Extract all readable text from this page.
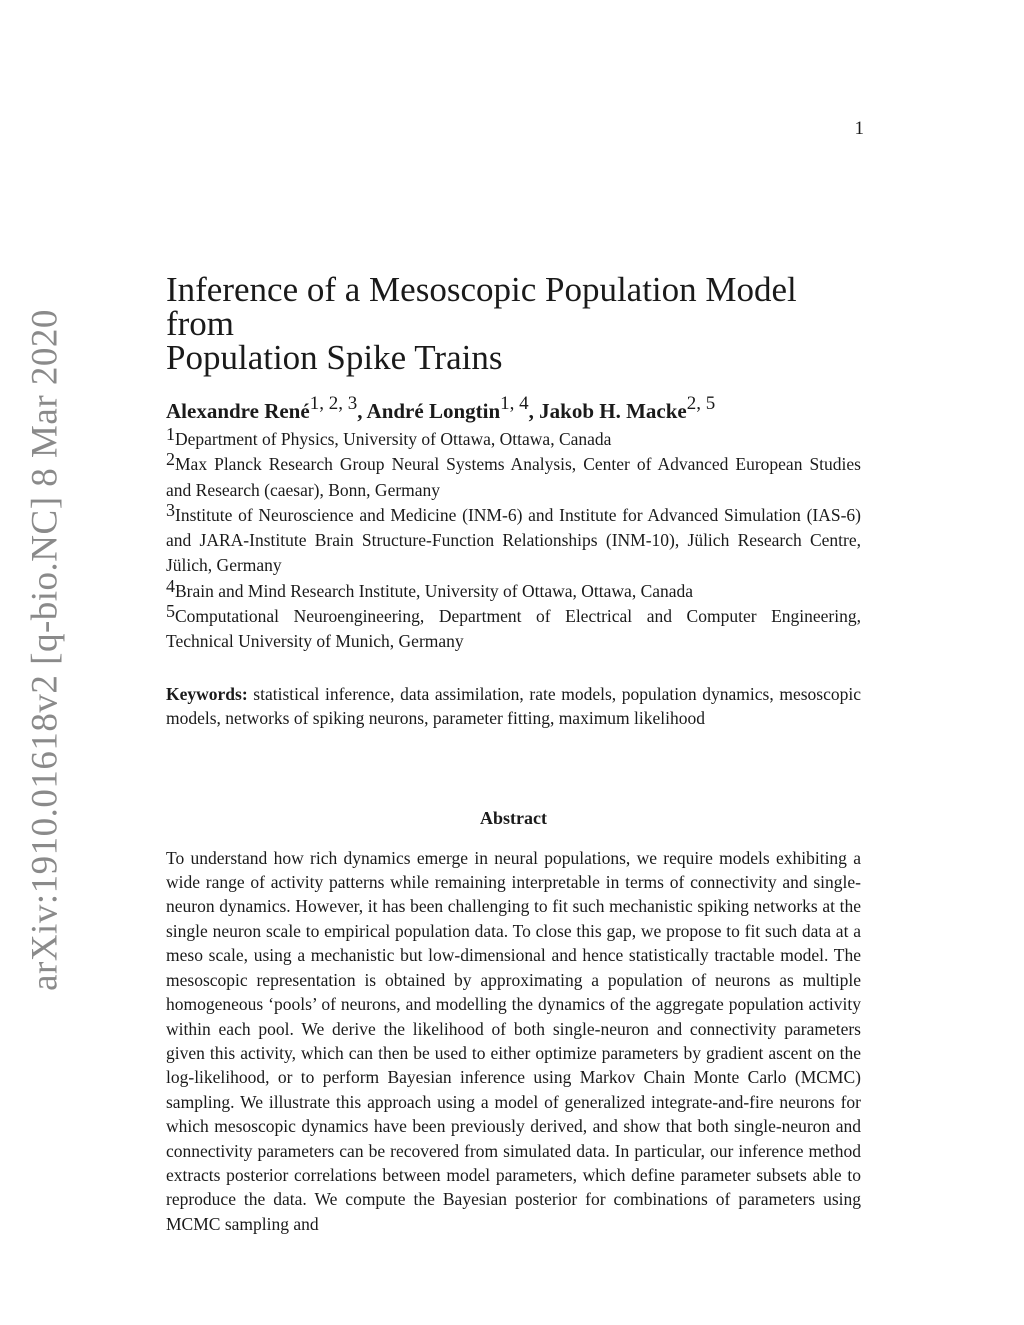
1
arXiv:1910.01618v2 [q-bio.NC] 8 Mar 2020
Inference of a Mesoscopic Population Model from
Population Spike Trains
Alexandre René$^{1, 2, 3}$, André Longtin$^{1, 4}$, Jakob H. Macke$^{2, 5}$
$^1$Department of Physics, University of Ottawa, Ottawa, Canada
$^2$Max Planck Research Group Neural Systems Analysis, Center of Advanced European Studies and Research (caesar), Bonn, Germany
$^3$Institute of Neuroscience and Medicine (INM-6) and Institute for Advanced Simulation (IAS-6) and JARA-Institute Brain Structure-Function Relationships (INM-10), Jülich Research Centre, Jülich, Germany
$^4$Brain and Mind Research Institute, University of Ottawa, Ottawa, Canada
$^5$Computational Neuroengineering, Department of Electrical and Computer Engineering, Technical University of Munich, Germany
Keywords: statistical inference, data assimilation, rate models, population dynamics, mesoscopic models, networks of spiking neurons, parameter fitting, maximum likelihood
Abstract
To understand how rich dynamics emerge in neural populations, we require models exhibiting a wide range of activity patterns while remaining interpretable in terms of connectivity and single-neuron dynamics. However, it has been challenging to fit such mechanistic spiking networks at the single neuron scale to empirical population data. To close this gap, we propose to fit such data at a meso scale, using a mechanistic but low-dimensional and hence statistically tractable model. The mesoscopic representation is obtained by approximating a population of neurons as multiple homogeneous ‘pools’ of neurons, and modelling the dynamics of the aggregate population activity within each pool. We derive the likelihood of both single-neuron and connectivity parameters given this activity, which can then be used to either optimize parameters by gradient ascent on the log-likelihood, or to perform Bayesian inference using Markov Chain Monte Carlo (MCMC) sampling. We illustrate this approach using a model of generalized integrate-and-fire neurons for which mesoscopic dynamics have been previously derived, and show that both single-neuron and connectivity parameters can be recovered from simulated data. In particular, our inference method extracts posterior correlations between model parameters, which define parameter subsets able to reproduce the data. We compute the Bayesian posterior for combinations of parameters using MCMC sampling and
